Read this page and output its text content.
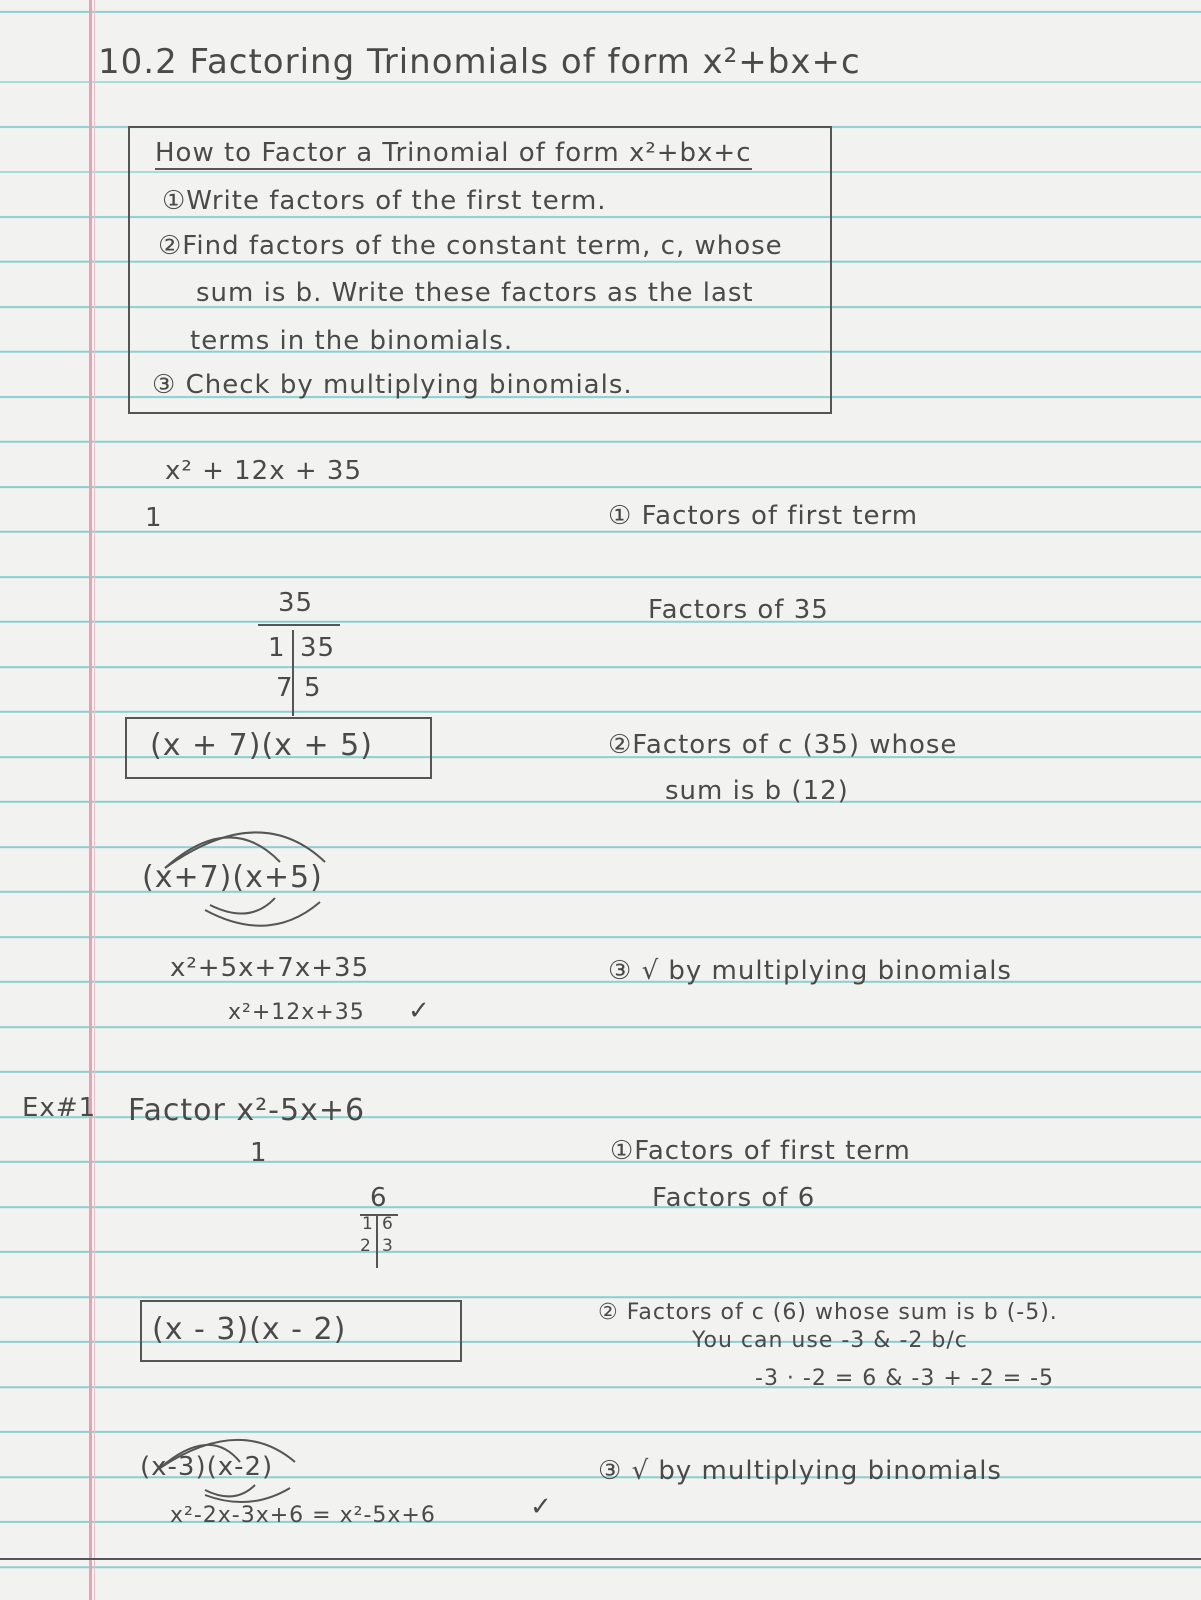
10.2 Factoring Trinomials of form x²+bx+c
How to Factor a Trinomial of form x²+bx+c
①Write factors of the first term.
②Find factors of the constant term, c, whose
sum is b. Write these factors as the last
terms in the binomials.
③ Check by multiplying binomials.
x² + 12x + 35
1	① Factors of first term
35
1 35
7 5
Factors of 35
(x + 7)(x + 5)	②Factors of c (35) whose
sum is b (12)
(x+7)(x+5)
x²+5x+7x+35
x²+12x+35 ✓
③ √ by multiplying binomials
Ex#1 Factor x²-5x+6
1	①Factors of first term
Factors of 6
6
1 6
2 3
(x - 3)(x - 2)	② Factors of c (6) whose sum is b (-5).
You can use -3 & -2 b/c
-3 · -2 = 6 & -3 + -2 = -5
(x-3)(x-2)
x²-2x-3x+6 = x²-5x+6	✓
③ √ by multiplying binomials
